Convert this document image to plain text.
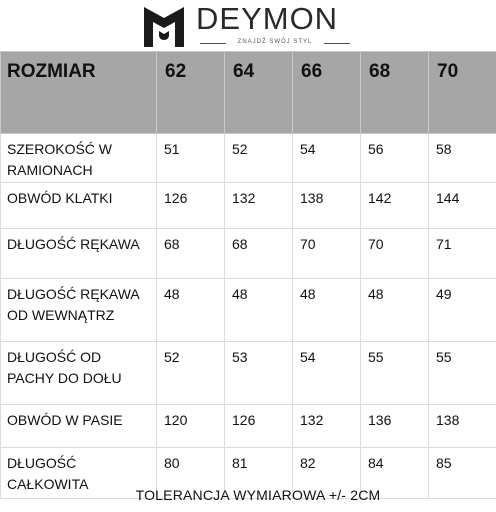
DEYMON
ZNAJDŹ SWÓJ STYL
ROZMIAR	62	64	66	68	70

SZEROKOŚĆ W
RAMIONACH	51	52	54	56	58

OBWÓD KLATKI	126	132	138	142	144

DŁUGOŚĆ RĘKAWA	68	68	70	70	71

DŁUGOŚĆ RĘKAWA
OD WEWNĄTRZ	48	48	48	48	49

DŁUGOŚĆ OD
PACHY DO DOŁU	52	53	54	55	55

OBWÓD W PASIE	120	126	132	136	138

DŁUGOŚĆ
CAŁKOWITA	80	81	82	84	85
TOLERANCJA WYMIAROWA +/- 2CM
